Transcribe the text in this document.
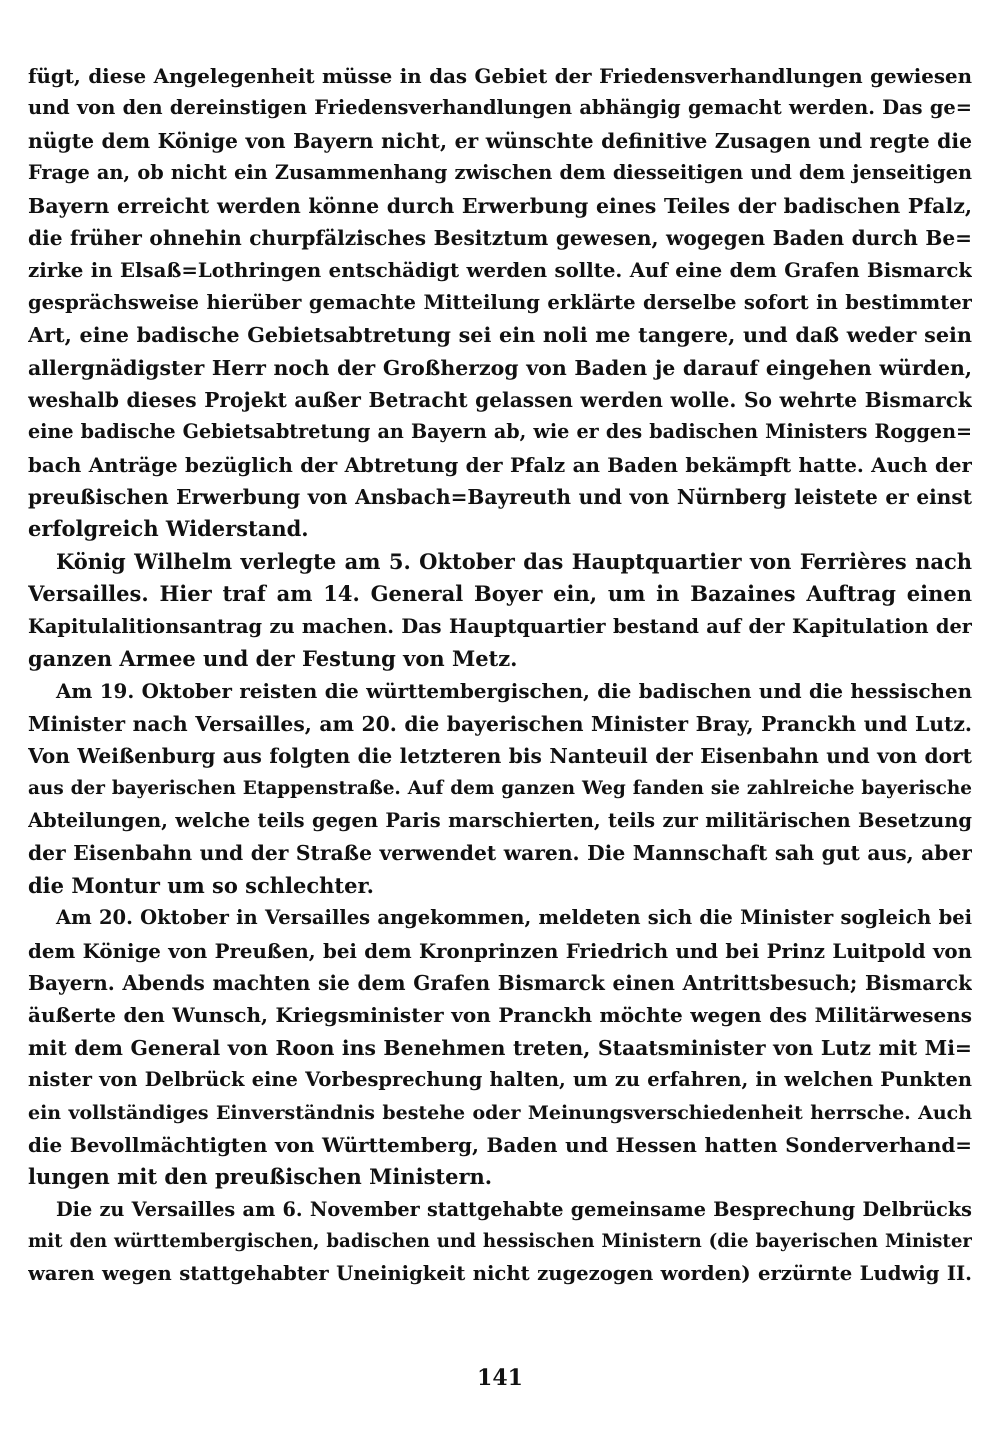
fügt, diese Angelegenheit müsse in das Gebiet der Friedensverhandlungen gewiesen
und von den dereinstigen Friedensverhandlungen abhängig gemacht werden. Das ge=
nügte dem Könige von Bayern nicht, er wünschte definitive Zusagen und regte die
Frage an, ob nicht ein Zusammenhang zwischen dem diesseitigen und dem jenseitigen
Bayern erreicht werden könne durch Erwerbung eines Teiles der badischen Pfalz,
die früher ohnehin churpfälzisches Besitztum gewesen, wogegen Baden durch Be=
zirke in Elsaß=Lothringen entschädigt werden sollte. Auf eine dem Grafen Bismarck
gesprächsweise hierüber gemachte Mitteilung erklärte derselbe sofort in bestimmter
Art, eine badische Gebietsabtretung sei ein noli me tangere, und daß weder sein
allergnädigster Herr noch der Großherzog von Baden je darauf eingehen würden,
weshalb dieses Projekt außer Betracht gelassen werden wolle. So wehrte Bismarck
eine badische Gebietsabtretung an Bayern ab, wie er des badischen Ministers Roggen=
bach Anträge bezüglich der Abtretung der Pfalz an Baden bekämpft hatte. Auch der
preußischen Erwerbung von Ansbach=Bayreuth und von Nürnberg leistete er einst
erfolgreich Widerstand.

König Wilhelm verlegte am 5. Oktober das Hauptquartier von Ferrières nach
Versailles. Hier traf am 14. General Boyer ein, um in Bazaines Auftrag einen
Kapitulalitionsantrag zu machen. Das Hauptquartier bestand auf der Kapitulation der
ganzen Armee und der Festung von Metz.

Am 19. Oktober reisten die württembergischen, die badischen und die hessischen
Minister nach Versailles, am 20. die bayerischen Minister Bray, Pranckh und Lutz.
Von Weißenburg aus folgten die letzteren bis Nanteuil der Eisenbahn und von dort
aus der bayerischen Etappenstraße. Auf dem ganzen Weg fanden sie zahlreiche bayerische
Abteilungen, welche teils gegen Paris marschierten, teils zur militärischen Besetzung
der Eisenbahn und der Straße verwendet waren. Die Mannschaft sah gut aus, aber
die Montur um so schlechter.

Am 20. Oktober in Versailles angekommen, meldeten sich die Minister sogleich bei
dem Könige von Preußen, bei dem Kronprinzen Friedrich und bei Prinz Luitpold von
Bayern. Abends machten sie dem Grafen Bismarck einen Antrittsbesuch; Bismarck
äußerte den Wunsch, Kriegsminister von Pranckh möchte wegen des Militärwesens
mit dem General von Roon ins Benehmen treten, Staatsminister von Lutz mit Mi=
nister von Delbrück eine Vorbesprechung halten, um zu erfahren, in welchen Punkten
ein vollständiges Einverständnis bestehe oder Meinungsverschiedenheit herrsche. Auch
die Bevollmächtigten von Württemberg, Baden und Hessen hatten Sonderverhand=
lungen mit den preußischen Ministern.

Die zu Versailles am 6. November stattgehabte gemeinsame Besprechung Delbrücks
mit den württembergischen, badischen und hessischen Ministern (die bayerischen Minister
waren wegen stattgehabter Uneinigkeit nicht zugezogen worden) erzürnte Ludwig II.

141
